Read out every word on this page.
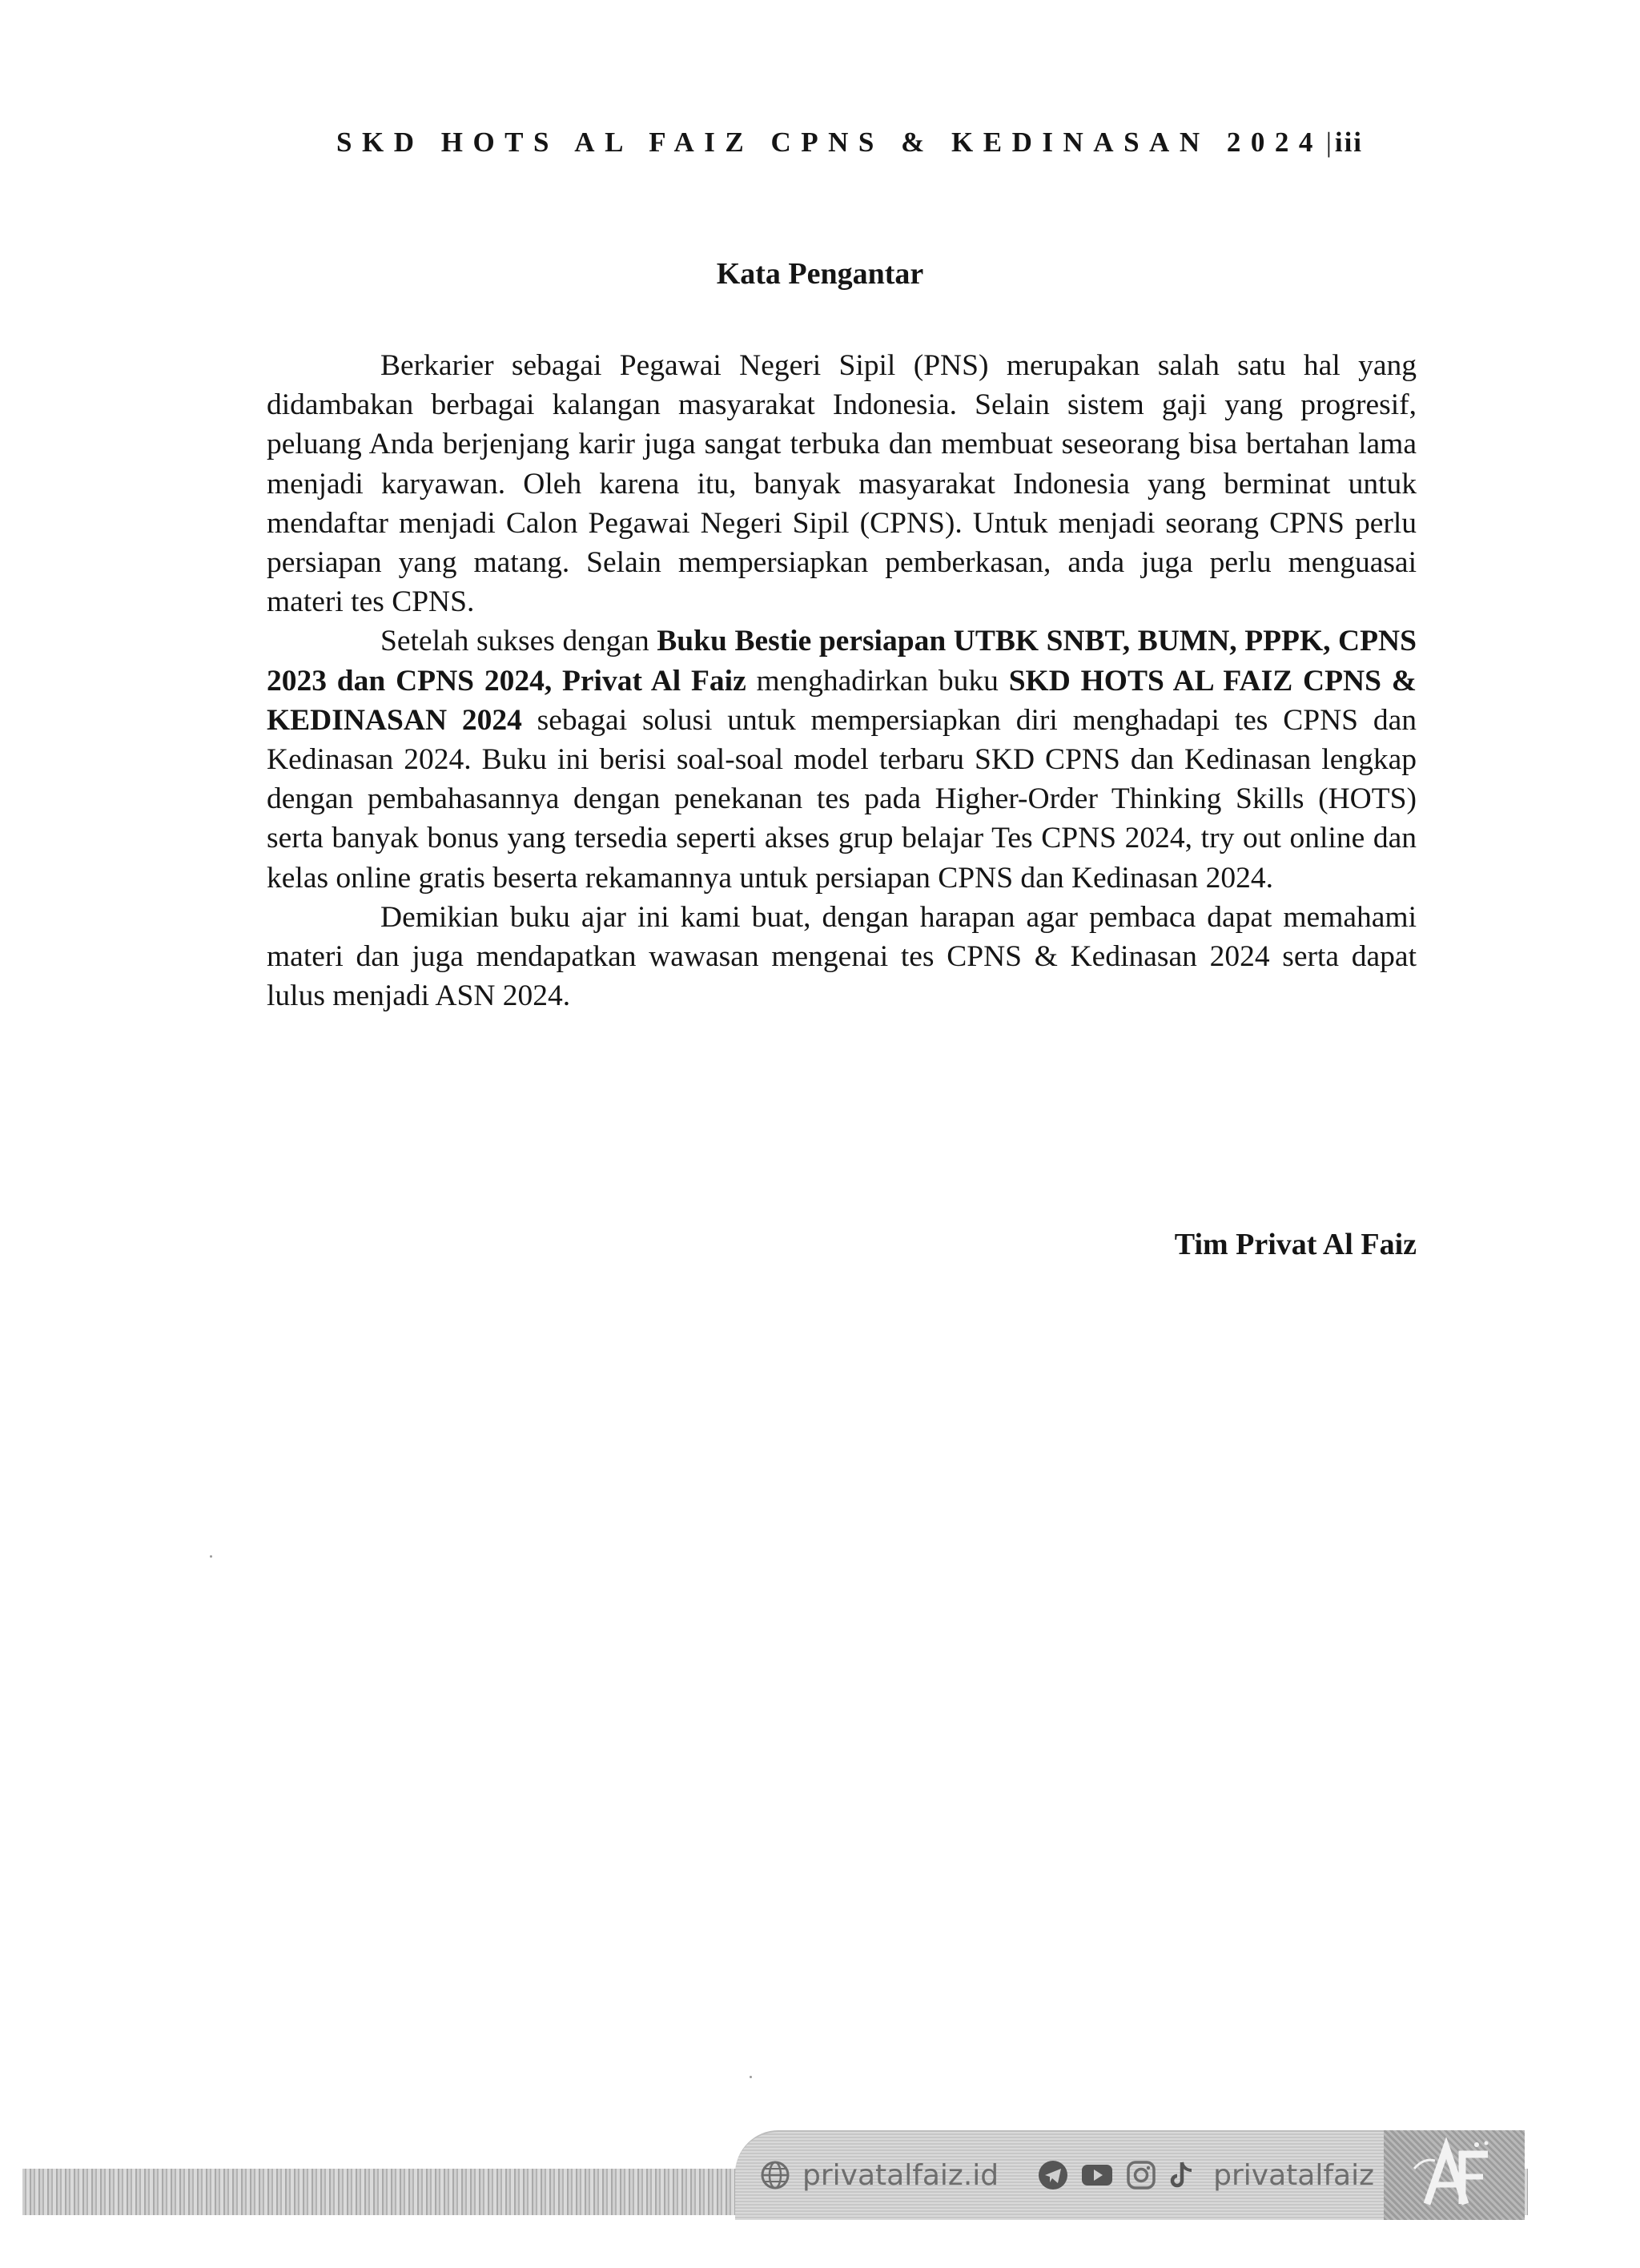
SKD HOTS AL FAIZ CPNS & KEDINASAN 2024 | iii
Kata Pengantar

Berkarier sebagai Pegawai Negeri Sipil (PNS) merupakan salah satu hal yang didambakan berbagai kalangan masyarakat Indonesia. Selain sistem gaji yang progresif, peluang Anda berjenjang karir juga sangat terbuka dan membuat seseorang bisa bertahan lama menjadi karyawan. Oleh karena itu, banyak masyarakat Indonesia yang berminat untuk mendaftar menjadi Calon Pegawai Negeri Sipil (CPNS). Untuk menjadi seorang CPNS perlu persiapan yang matang. Selain mempersiapkan pemberkasan, anda juga perlu menguasai materi tes CPNS.

Setelah sukses dengan Buku Bestie persiapan UTBK SNBT, BUMN, PPPK, CPNS 2023 dan CPNS 2024, Privat Al Faiz menghadirkan buku SKD HOTS AL FAIZ CPNS & KEDINASAN 2024 sebagai solusi untuk mempersiapkan diri menghadapi tes CPNS dan Kedinasan 2024. Buku ini berisi soal-soal model terbaru SKD CPNS dan Kedinasan lengkap dengan pembahasannya dengan penekanan tes pada Higher-Order Thinking Skills (HOTS) serta banyak bonus yang tersedia seperti akses grup belajar Tes CPNS 2024, try out online dan kelas online gratis beserta rekamannya untuk persiapan CPNS dan Kedinasan 2024.

Demikian buku ajar ini kami buat, dengan harapan agar pembaca dapat memahami materi dan juga mendapatkan wawasan mengenai tes CPNS & Kedinasan 2024 serta dapat lulus menjadi ASN 2024.

Tim Privat Al Faiz
privatalfaiz.id	privatalfaiz
